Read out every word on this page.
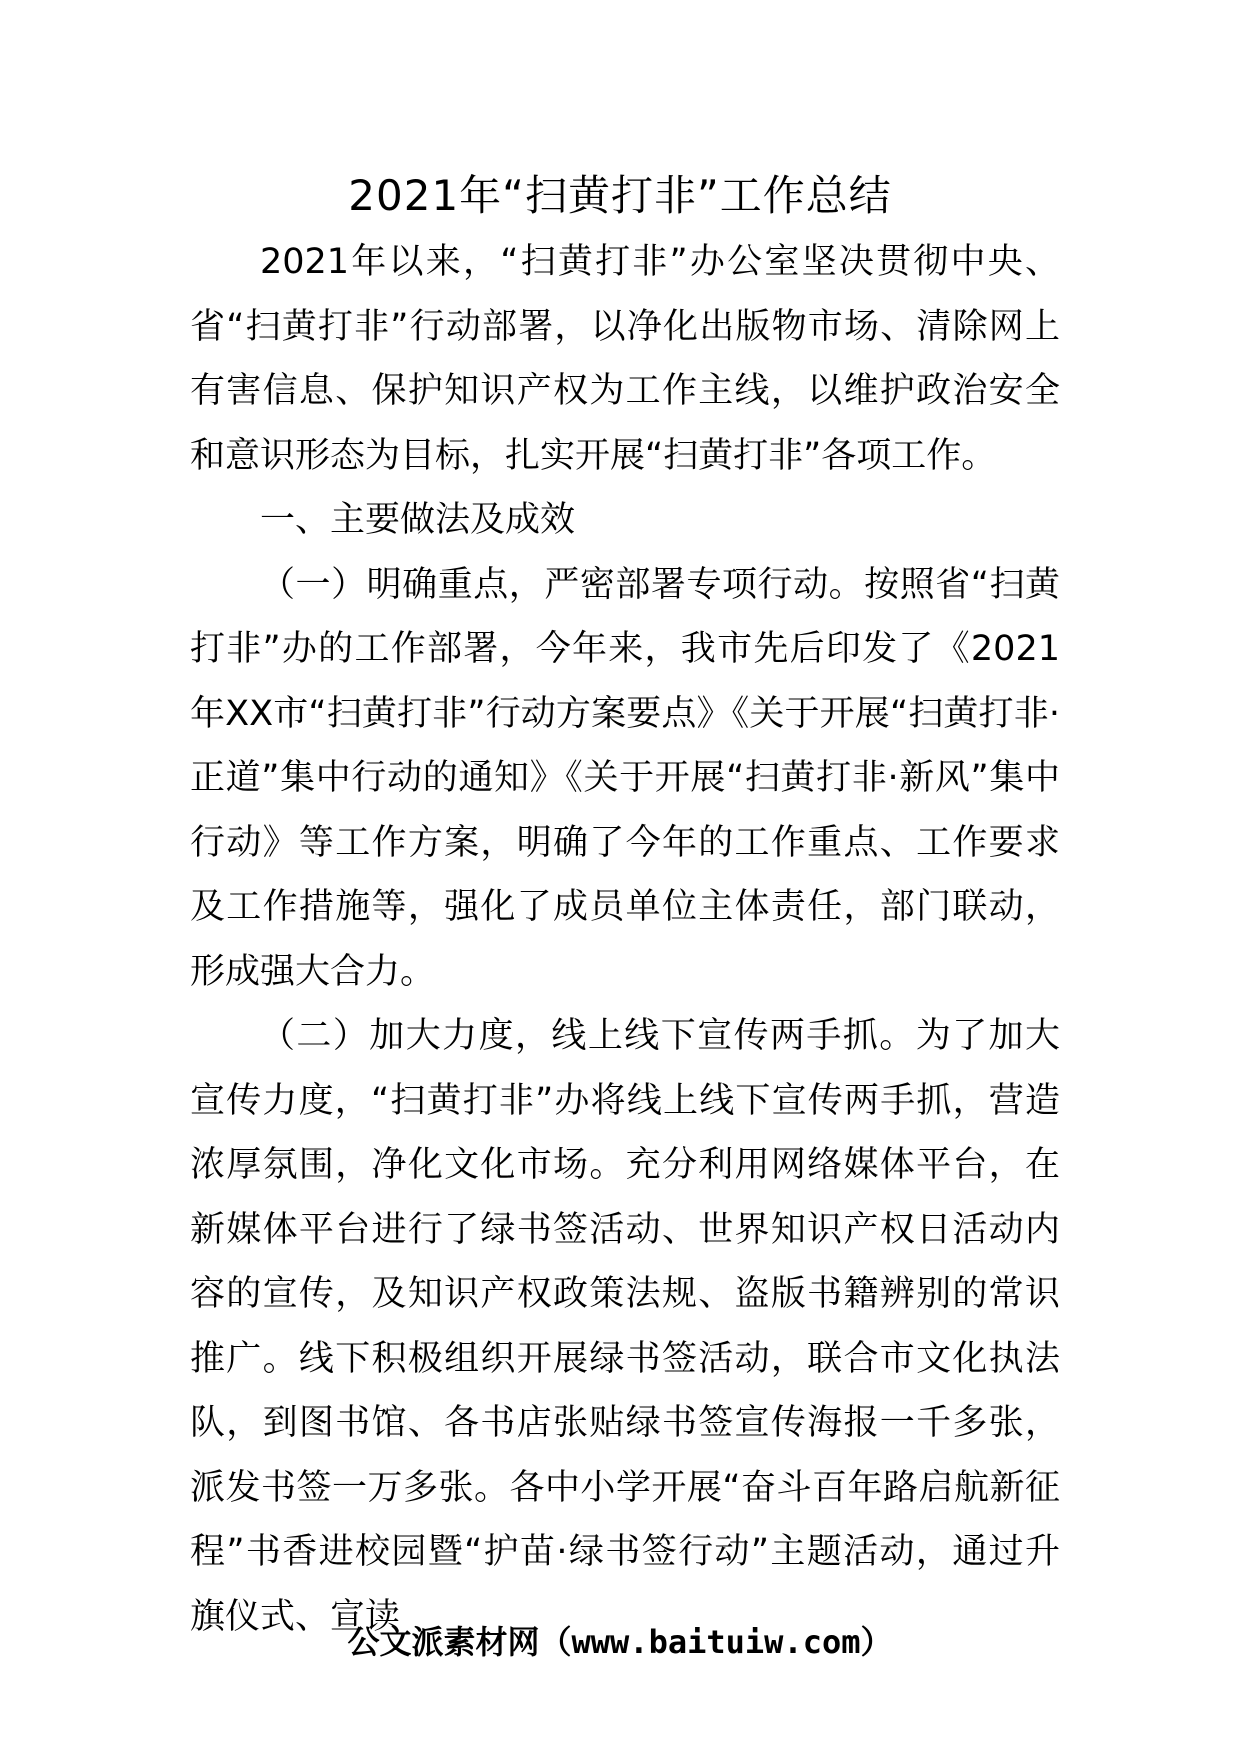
2021年“扫黄打非”工作总结

2021年以来，“扫黄打非”办公室坚决贯彻中央、省“扫黄打非”行动部署，以净化出版物市场、清除网上有害信息、保护知识产权为工作主线，以维护政治安全和意识形态为目标，扎实开展“扫黄打非”各项工作。

一、主要做法及成效

（一）明确重点，严密部署专项行动。按照省“扫黄打非”办的工作部署，今年来，我市先后印发了《2021年XX市“扫黄打非”行动方案要点》《关于开展“扫黄打非·正道”集中行动的通知》《关于开展“扫黄打非·新风”集中行动》等工作方案，明确了今年的工作重点、工作要求及工作措施等，强化了成员单位主体责任，部门联动，形成强大合力。

（二）加大力度，线上线下宣传两手抓。为了加大宣传力度，“扫黄打非”办将线上线下宣传两手抓，营造浓厚氛围，净化文化市场。充分利用网络媒体平台，在新媒体平台进行了绿书签活动、世界知识产权日活动内容的宣传，及知识产权政策法规、盗版书籍辨别的常识推广。线下积极组织开展绿书签活动，联合市文化执法队，到图书馆、各书店张贴绿书签宣传海报一千多张，派发书签一万多张。各中小学开展“奋斗百年路启航新征程”书香进校园暨“护苗·绿书签行动”主题活动，通过升旗仪式、宣读

公文派素材网（www.baituiw.com）
